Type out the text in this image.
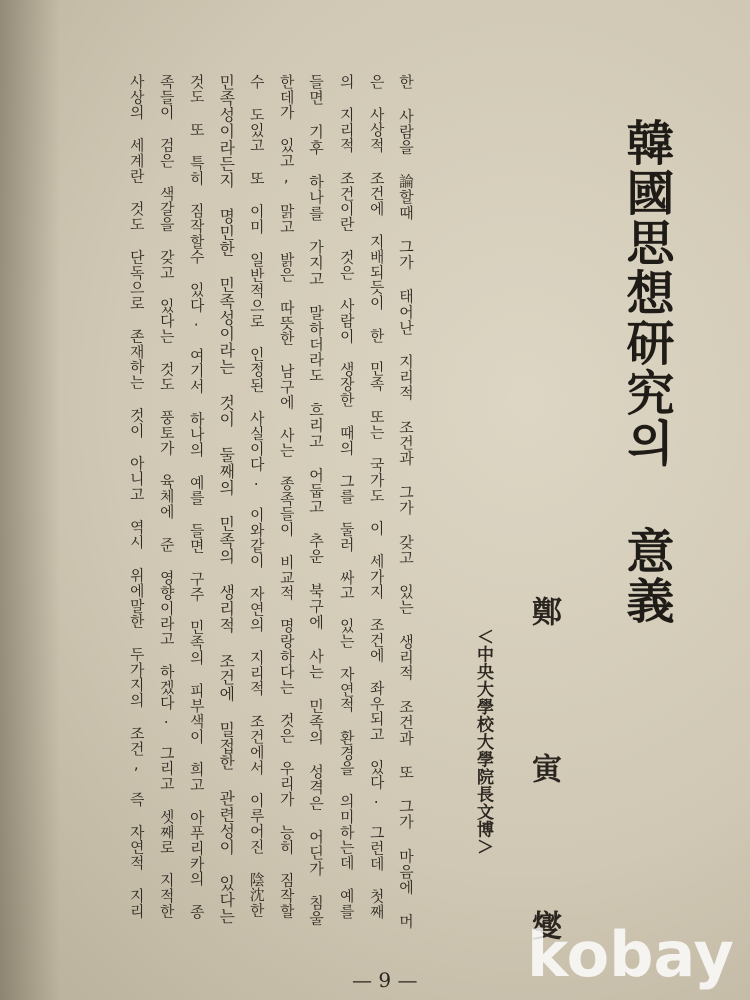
韓國思想研究의 意義
鄭 寅 燮
＜中央大學校大學院長文博＞
한 사람을 論할때 그가 태어난 지리적 조건과 그가 갖고 있는 생리적 조건과 또 그가 마음에 머
은 사상적 조건에 지배되듯이 한 민족 또는 국가도 이 세가지 조건에 좌우되고 있다. 그런데 첫째
의 지리적 조건이란 것은 사람이 생장한 때의 그를 둘러 싸고 있는 자연적 환경을 의미하는데 예를
들면 기후 하나를 가지고 말하더라도 흐리고 어둡고 추운 북구에 사는 민족의 성격은 어딘가 침울
한데가 있고, 맑고 밝은 따뜻한 남구에 사는 종족들이 비교적 명랑하다는 것은 우리가 능히 짐작할
수 도있고 또 이미 일반적으로 인정된 사실이다. 이와같이 자연의 지리적 조건에서 이루어진 陰沈한
민족성이라든지 명민한 민족성이라는 것이 둘째의 민족의 생리적 조건에 밀접한 관련성이 있다는
것도 또 특히 짐작할수 있다. 여기서 하나의 예를 들면 구주 민족의 피부색이 희고 아푸리카의 종
족들이 검은 색갈을 갖고 있다는 것도 풍토가 육체에 준 영향이라고 하겠다. 그리고 셋째로 지적한
사상의 세계란 것도 단독으로 존재하는 것이 아니고 역시 위에말한 두가지의 조건, 즉 자연적 지리
— 9 — kobay
